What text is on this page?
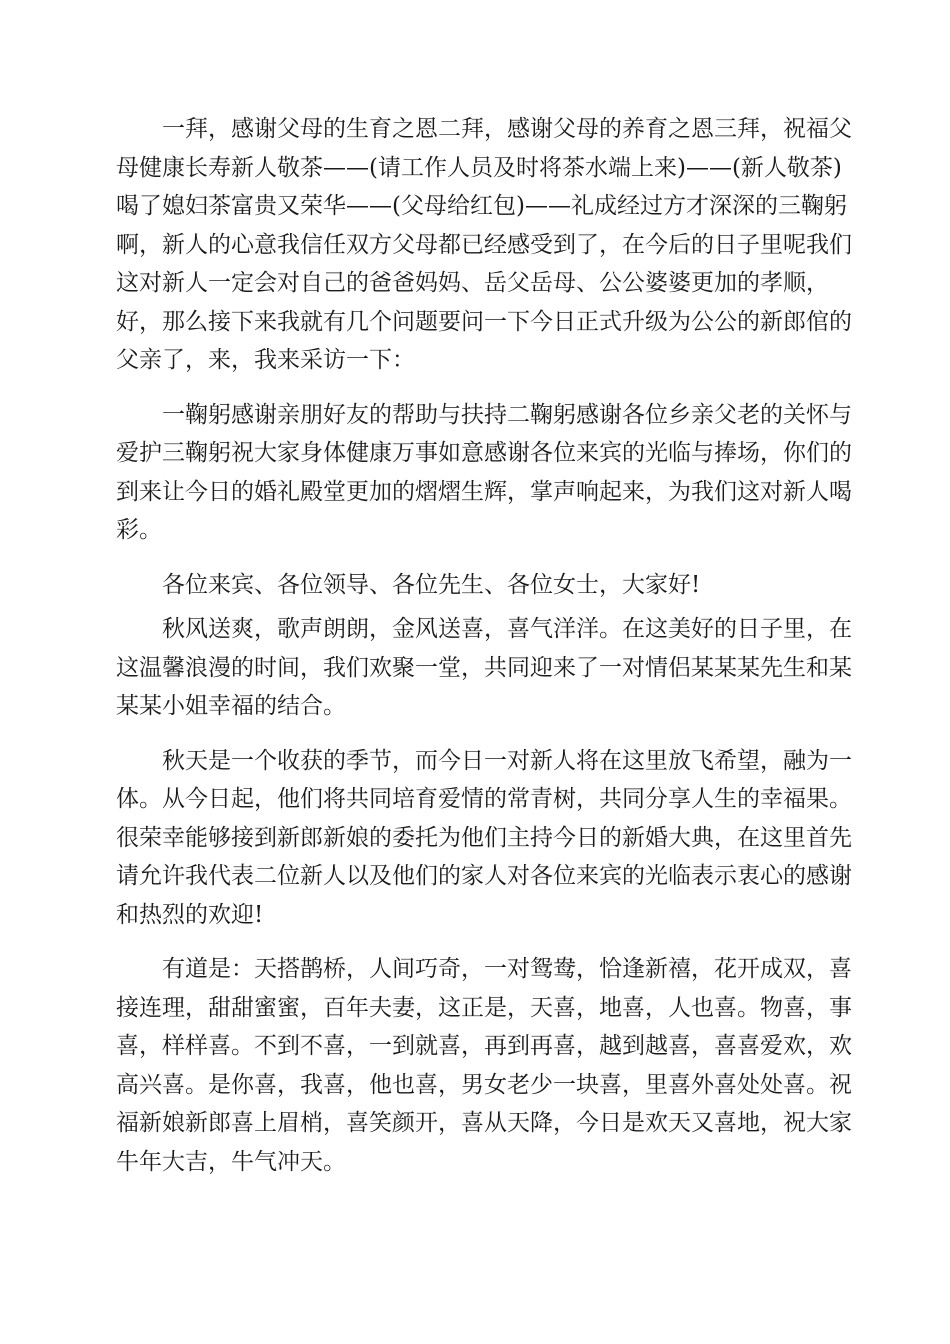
一拜，感谢父母的生育之恩二拜，感谢父母的养育之恩三拜，祝福父
母健康长寿新人敬茶——(请工作人员及时将茶水端上来)——(新人敬茶)
喝了媳妇茶富贵又荣华——(父母给红包)——礼成经过方才深深的三鞠躬
啊，新人的心意我信任双方父母都已经感受到了，在今后的日子里呢我们
这对新人一定会对自己的爸爸妈妈、岳父岳母、公公婆婆更加的孝顺，
好，那么接下来我就有几个问题要问一下今日正式升级为公公的新郎倌的
父亲了，来，我来采访一下：

一鞠躬感谢亲朋好友的帮助与扶持二鞠躬感谢各位乡亲父老的关怀与
爱护三鞠躬祝大家身体健康万事如意感谢各位来宾的光临与捧场，你们的
到来让今日的婚礼殿堂更加的熠熠生辉，掌声响起来，为我们这对新人喝
彩。

各位来宾、各位领导、各位先生、各位女士，大家好!

秋风送爽，歌声朗朗，金风送喜，喜气洋洋。在这美好的日子里，在
这温馨浪漫的时间，我们欢聚一堂，共同迎来了一对情侣某某某先生和某
某某小姐幸福的结合。

秋天是一个收获的季节，而今日一对新人将在这里放飞希望，融为一
体。从今日起，他们将共同培育爱情的常青树，共同分享人生的幸福果。
很荣幸能够接到新郎新娘的委托为他们主持今日的新婚大典，在这里首先
请允许我代表二位新人以及他们的家人对各位来宾的光临表示衷心的感谢
和热烈的欢迎!

有道是：天搭鹊桥，人间巧奇，一对鸳鸯，恰逢新禧，花开成双，喜
接连理，甜甜蜜蜜，百年夫妻，这正是，天喜，地喜，人也喜。物喜，事
喜，样样喜。不到不喜，一到就喜，再到再喜，越到越喜，喜喜爱欢，欢
高兴喜。是你喜，我喜，他也喜，男女老少一块喜，里喜外喜处处喜。祝
福新娘新郎喜上眉梢，喜笑颜开，喜从天降，今日是欢天又喜地，祝大家
牛年大吉，牛气冲天。
